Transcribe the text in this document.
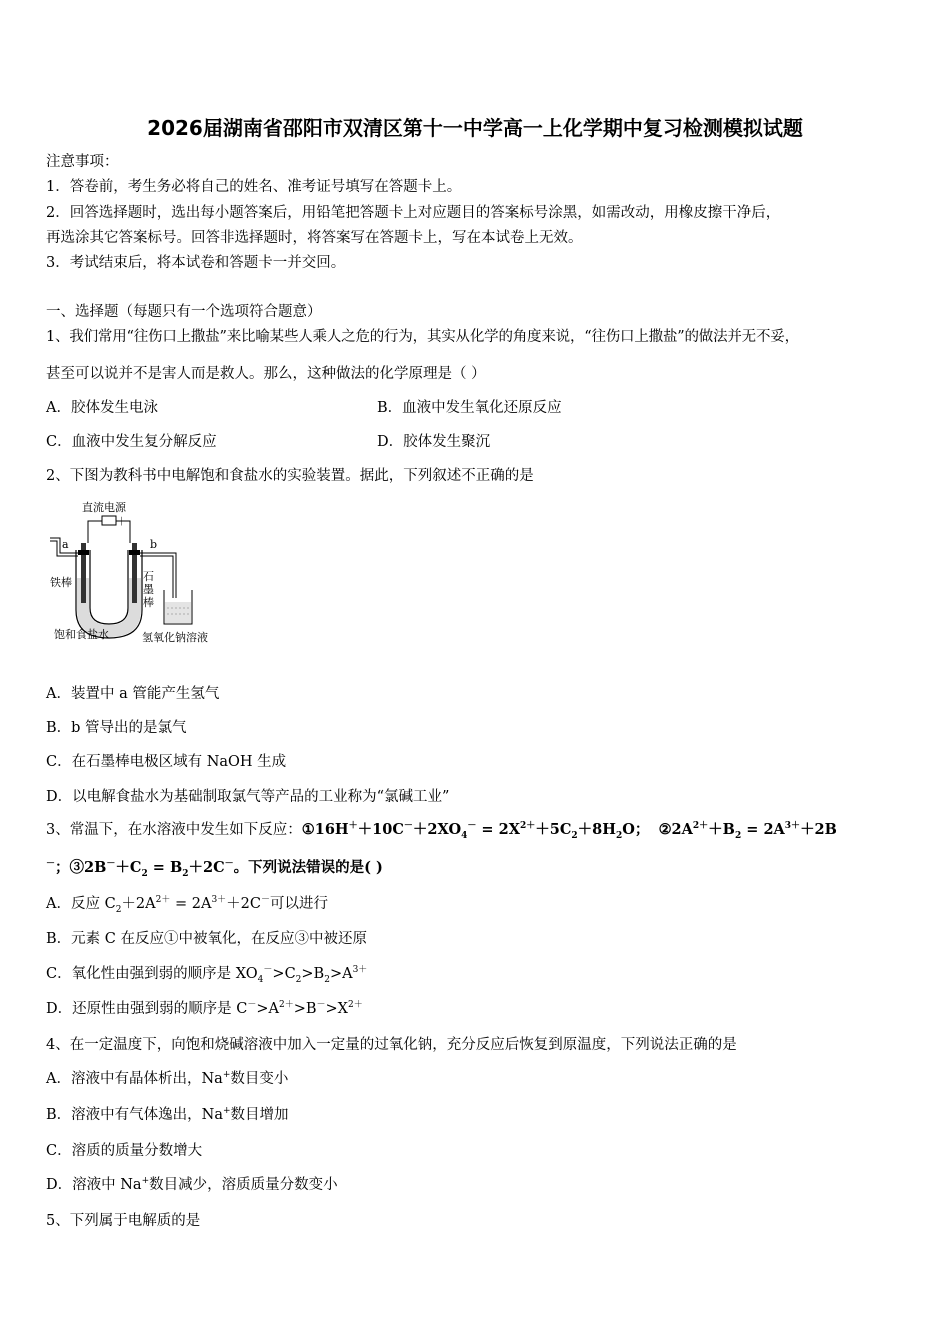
2026届湖南省邵阳市双清区第十一中学高一上化学期中复习检测模拟试题
注意事项：
1．答卷前，考生务必将自己的姓名、准考证号填写在答题卡上。
2．回答选择题时，选出每小题答案后，用铅笔把答题卡上对应题目的答案标号涂黑，如需改动，用橡皮擦干净后，
再选涂其它答案标号。回答非选择题时，将答案写在答题卡上，写在本试卷上无效。
3．考试结束后，将本试卷和答题卡一并交回。
一、选择题（每题只有一个选项符合题意）
1、我们常用“往伤口上撒盐”来比喻某些人乘人之危的行为，其实从化学的角度来说，“往伤口上撒盐”的做法并无不妥，
甚至可以说并不是害人而是救人。那么，这种做法的化学原理是（ ）
A．胶体发生电泳	B．血液中发生氧化还原反应
C．血液中发生复分解反应	D．胶体发生聚沉
2、下图为教科书中电解饱和食盐水的实验装置。据此，下列叙述不正确的是
直流电源
－ ＋
a	b
铁棒	石
墨
棒
饱和食盐水	氢氧化钠溶液
A．装置中 a 管能产生氢气
B．b 管导出的是氯气
C．在石墨棒电极区域有 NaOH 生成
D．以电解食盐水为基础制取氯气等产品的工业称为“氯碱工业”
3、常温下，在水溶液中发生如下反应：$①16H^++10C^-+2XO_4^- = 2X^{2+}+5C_2+8H_2O$； $②2A^{2+}+B_2 = 2A^{3+}+2B$
－；$③2B^-+C_2 = B_2+2C^-$。下列说法错误的是( )
A．反应 $C_2+2A^{2+} = 2A^{3+}+2C^-$可以进行
B．元素 C 在反应①中被氧化，在反应③中被还原
C．氧化性由强到弱的顺序是 $XO_4^->C_2>B_2>A^{3+}$
D．还原性由强到弱的顺序是 $C^->A^{2+}>B^->X^{2+}$
4、在一定温度下，向饱和烧碱溶液中加入一定量的过氧化钠，充分反应后恢复到原温度，下列说法正确的是
A．溶液中有晶体析出，Na+数目变小
B．溶液中有气体逸出，Na+数目增加
C．溶质的质量分数增大
D．溶液中 Na+数目减少，溶质质量分数变小
5、下列属于电解质的是
